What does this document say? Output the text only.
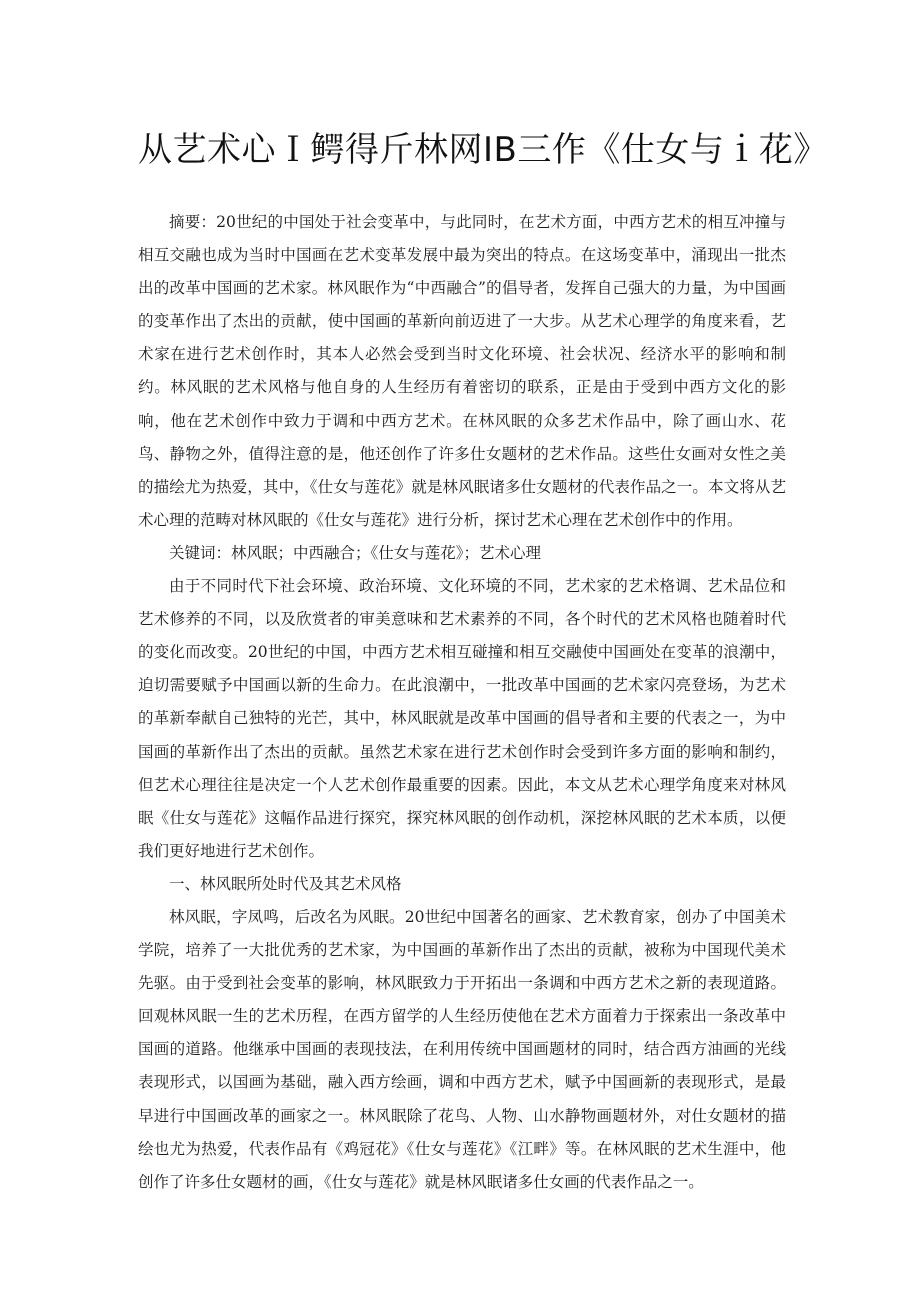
从艺术心Ｉ鳄得斤林网IB三作《仕女与ｉ花》

摘要：20世纪的中国处于社会变革中，与此同时，在艺术方面，中西方艺术的相互冲撞与相互交融也成为当时中国画在艺术变革发展中最为突出的特点。在这场变革中，涌现出一批杰出的改革中国画的艺术家。林风眠作为“中西融合”的倡导者，发挥自己强大的力量，为中国画的变革作出了杰出的贡献，使中国画的革新向前迈进了一大步。从艺术心理学的角度来看，艺术家在进行艺术创作时，其本人必然会受到当时文化环境、社会状况、经济水平的影响和制约。林风眠的艺术风格与他自身的人生经历有着密切的联系，正是由于受到中西方文化的影响，他在艺术创作中致力于调和中西方艺术。在林风眠的众多艺术作品中，除了画山水、花鸟、静物之外，值得注意的是，他还创作了许多仕女题材的艺术作品。这些仕女画对女性之美的描绘尤为热爱，其中，《仕女与莲花》就是林风眠诸多仕女题材的代表作品之一。本文将从艺术心理的范畴对林风眠的《仕女与莲花》进行分析，探讨艺术心理在艺术创作中的作用。

关键词：林风眠；中西融合；《仕女与莲花》；艺术心理

由于不同时代下社会环境、政治环境、文化环境的不同，艺术家的艺术格调、艺术品位和艺术修养的不同，以及欣赏者的审美意味和艺术素养的不同，各个时代的艺术风格也随着时代的变化而改变。20世纪的中国，中西方艺术相互碰撞和相互交融使中国画处在变革的浪潮中，迫切需要赋予中国画以新的生命力。在此浪潮中，一批改革中国画的艺术家闪亮登场，为艺术的革新奉献自己独特的光芒，其中，林风眠就是改革中国画的倡导者和主要的代表之一，为中国画的革新作出了杰出的贡献。虽然艺术家在进行艺术创作时会受到许多方面的影响和制约，但艺术心理往往是决定一个人艺术创作最重要的因素。因此，本文从艺术心理学角度来对林风眠《仕女与莲花》这幅作品进行探究，探究林风眠的创作动机，深挖林风眠的艺术本质，以便我们更好地进行艺术创作。

一、林风眠所处时代及其艺术风格

林风眠，字凤鸣，后改名为风眠。20世纪中国著名的画家、艺术教育家，创办了中国美术学院，培养了一大批优秀的艺术家，为中国画的革新作出了杰出的贡献，被称为中国现代美术先驱。由于受到社会变革的影响，林风眠致力于开拓出一条调和中西方艺术之新的表现道路。回观林风眠一生的艺术历程，在西方留学的人生经历使他在艺术方面着力于探索出一条改革中国画的道路。他继承中国画的表现技法，在利用传统中国画题材的同时，结合西方油画的光线表现形式，以国画为基础，融入西方绘画，调和中西方艺术，赋予中国画新的表现形式，是最早进行中国画改革的画家之一。林风眠除了花鸟、人物、山水静物画题材外，对仕女题材的描绘也尤为热爱，代表作品有《鸡冠花》《仕女与莲花》《江畔》等。在林风眠的艺术生涯中，他创作了许多仕女题材的画，《仕女与莲花》就是林风眠诸多仕女画的代表作品之一。
